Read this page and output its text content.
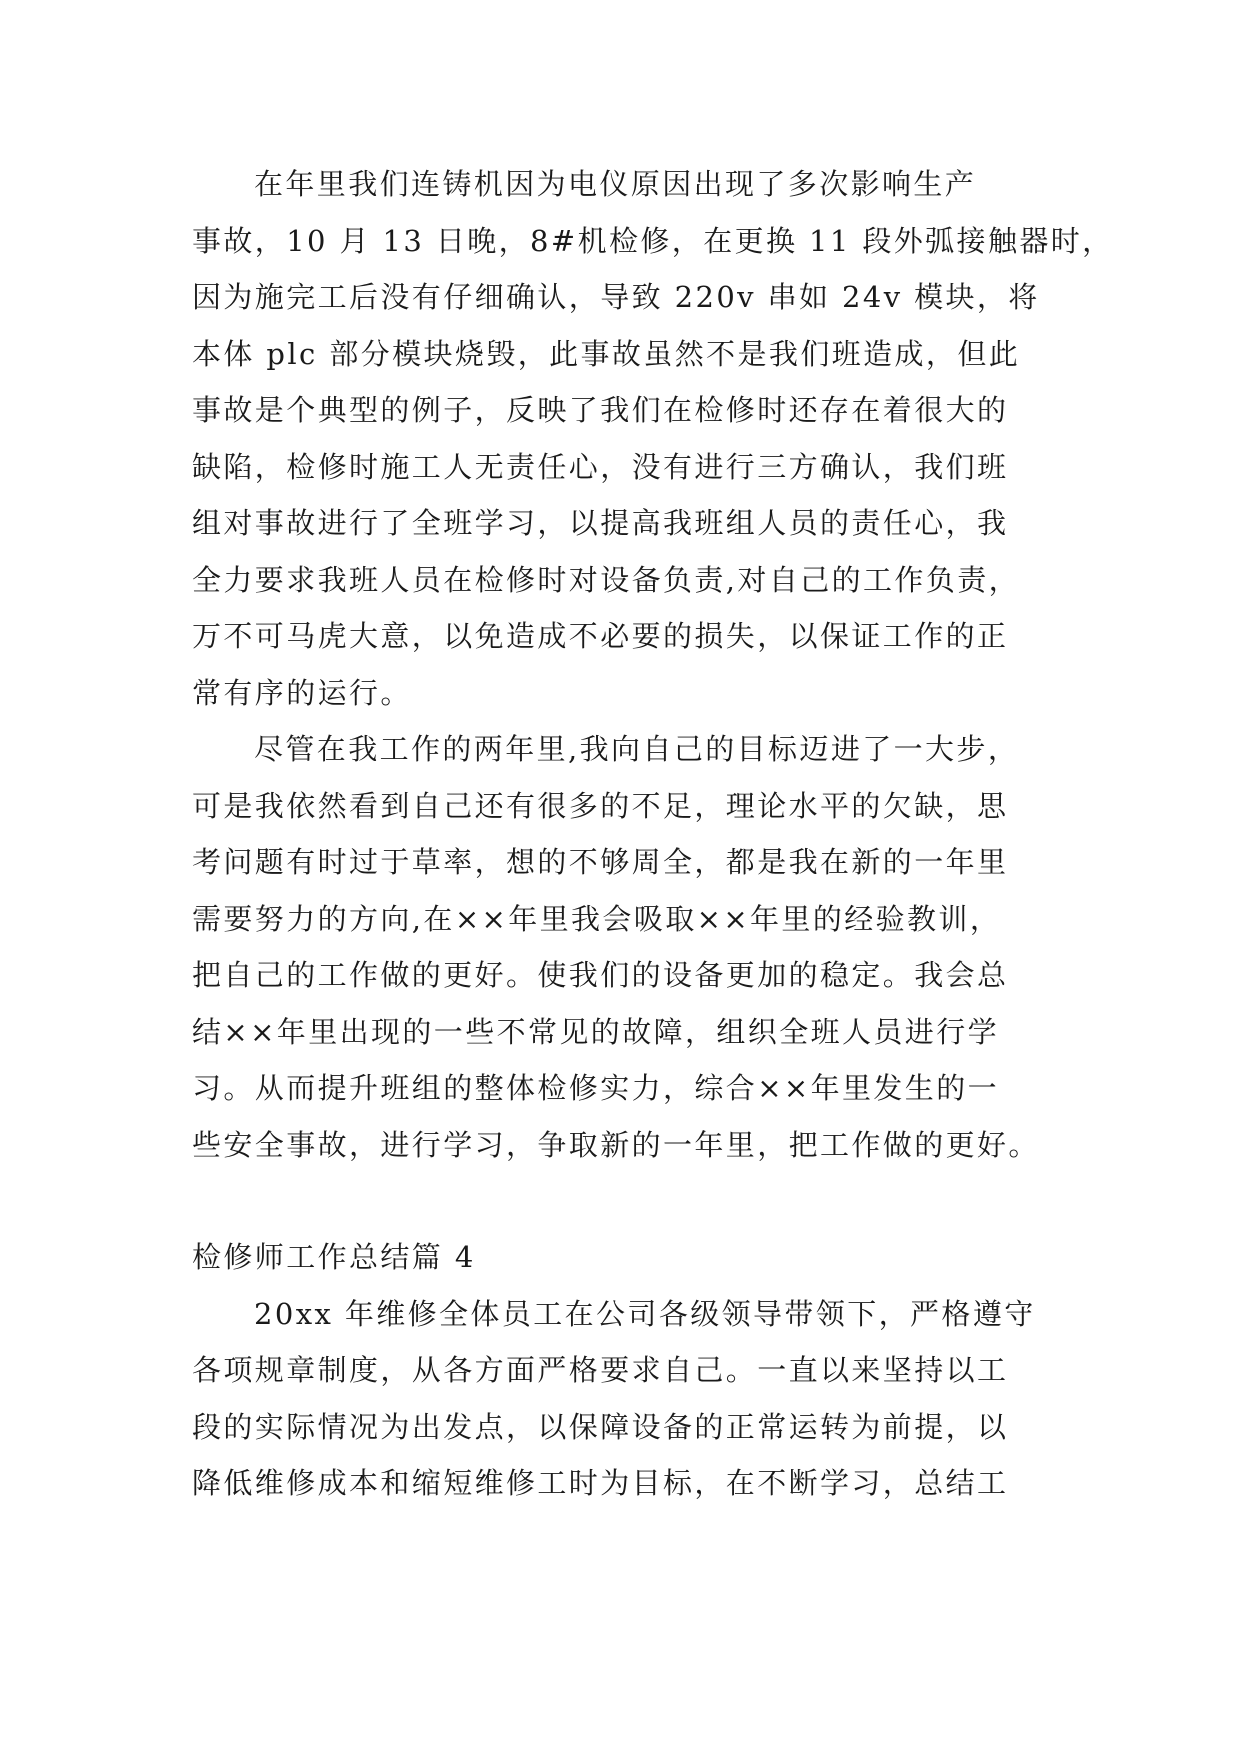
在年里我们连铸机因为电仪原因出现了多次影响生产
事故，10 月 13 日晚，8#机检修，在更换 11 段外弧接触器时，
因为施完工后没有仔细确认，导致 220v 串如 24v 模块，将
本体 plc 部分模块烧毁，此事故虽然不是我们班造成，但此
事故是个典型的例子，反映了我们在检修时还存在着很大的
缺陷，检修时施工人无责任心，没有进行三方确认，我们班
组对事故进行了全班学习，以提高我班组人员的责任心，我
全力要求我班人员在检修时对设备负责,对自己的工作负责，
万不可马虎大意，以免造成不必要的损失，以保证工作的正
常有序的运行。
尽管在我工作的两年里,我向自己的目标迈进了一大步，
可是我依然看到自己还有很多的不足，理论水平的欠缺，思
考问题有时过于草率，想的不够周全，都是我在新的一年里
需要努力的方向,在××年里我会吸取××年里的经验教训，
把自己的工作做的更好。使我们的设备更加的稳定。我会总
结××年里出现的一些不常见的故障，组织全班人员进行学
习。从而提升班组的整体检修实力，综合××年里发生的一
些安全事故，进行学习，争取新的一年里，把工作做的更好。
检修师工作总结篇 4
20xx 年维修全体员工在公司各级领导带领下，严格遵守
各项规章制度，从各方面严格要求自己。一直以来坚持以工
段的实际情况为出发点，以保障设备的正常运转为前提，以
降低维修成本和缩短维修工时为目标，在不断学习，总结工
